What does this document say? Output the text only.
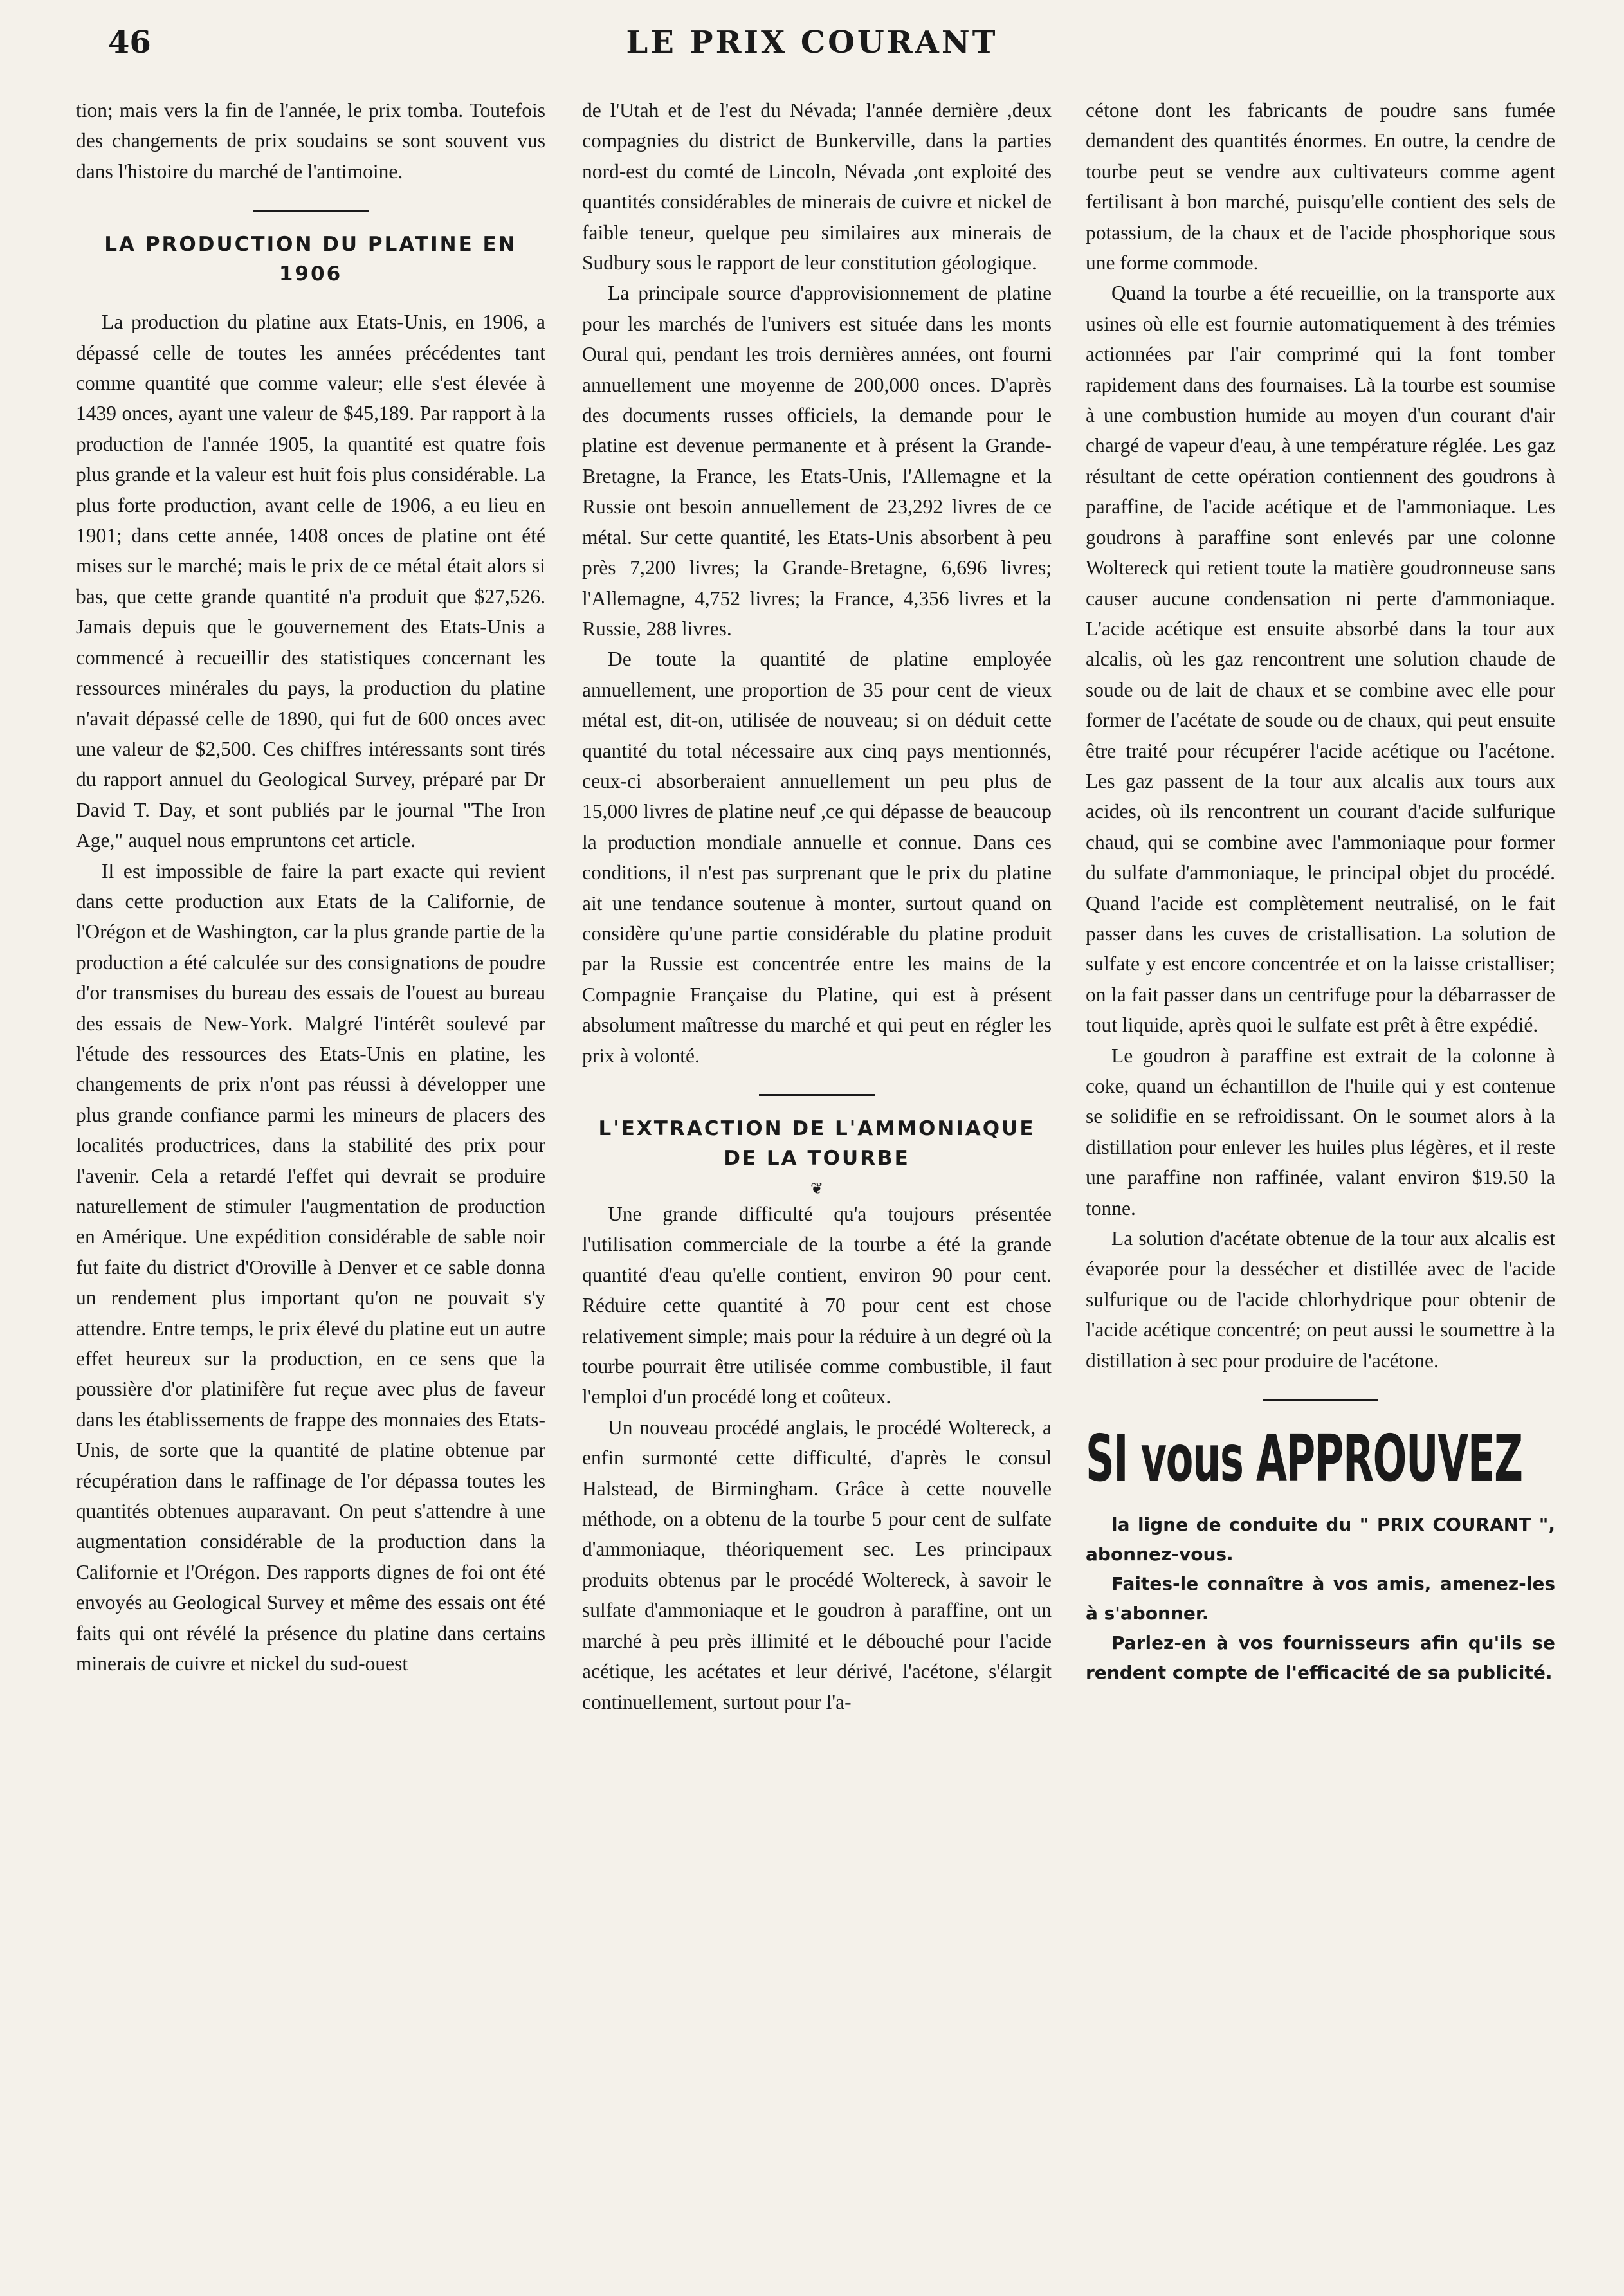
46	LE PRIX COURANT

tion; mais vers la fin de l'année, le prix tomba. Toutefois des changements de prix soudains se sont souvent vus dans l'histoire du marché de l'antimoine.

LA PRODUCTION DU PLATINE EN 1906

La production du platine aux Etats-Unis, en 1906, a dépassé celle de toutes les années précédentes tant comme quantité que comme valeur; elle s'est élevée à 1439 onces, ayant une valeur de $45,189. Par rapport à la production de l'année 1905, la quantité est quatre fois plus grande et la valeur est huit fois plus considérable. La plus forte production, avant celle de 1906, a eu lieu en 1901; dans cette année, 1408 onces de platine ont été mises sur le marché; mais le prix de ce métal était alors si bas, que cette grande quantité n'a produit que $27,526. Jamais depuis que le gouvernement des Etats-Unis a commencé à recueillir des statistiques concernant les ressources minérales du pays, la production du platine n'avait dépassé celle de 1890, qui fut de 600 onces avec une valeur de $2,500. Ces chiffres intéressants sont tirés du rapport annuel du Geological Survey, préparé par Dr David T. Day, et sont publiés par le journal "The Iron Age," auquel nous empruntons cet article.

Il est impossible de faire la part exacte qui revient dans cette production aux Etats de la Californie, de l'Orégon et de Washington, car la plus grande partie de la production a été calculée sur des consignations de poudre d'or transmises du bureau des essais de l'ouest au bureau des essais de New-York. Malgré l'intérêt soulevé par l'étude des ressources des Etats-Unis en platine, les changements de prix n'ont pas réussi à développer une plus grande confiance parmi les mineurs de placers des localités productrices, dans la stabilité des prix pour l'avenir. Cela a retardé l'effet qui devrait se produire naturellement de stimuler l'augmentation de production en Amérique. Une expédition considérable de sable noir fut faite du district d'Oroville à Denver et ce sable donna un rendement plus important qu'on ne pouvait s'y attendre. Entre temps, le prix élevé du platine eut un autre effet heureux sur la production, en ce sens que la poussière d'or platinifère fut reçue avec plus de faveur dans les établissements de frappe des monnaies des Etats-Unis, de sorte que la quantité de platine obtenue par récupération dans le raffinage de l'or dépassa toutes les quantités obtenues auparavant. On peut s'attendre à une augmentation considérable de la production dans la Californie et l'Orégon. Des rapports dignes de foi ont été envoyés au Geological Survey et même des essais ont été faits qui ont révélé la présence du platine dans certains minerais de cuivre et nickel du sud-ouest

de l'Utah et de l'est du Névada; l'année dernière ,deux compagnies du district de Bunkerville, dans la parties nord-est du comté de Lincoln, Névada ,ont exploité des quantités considérables de minerais de cuivre et nickel de faible teneur, quelque peu similaires aux minerais de Sudbury sous le rapport de leur constitution géologique.

La principale source d'approvisionnement de platine pour les marchés de l'univers est située dans les monts Oural qui, pendant les trois dernières années, ont fourni annuellement une moyenne de 200,000 onces. D'après des documents russes officiels, la demande pour le platine est devenue permanente et à présent la Grande-Bretagne, la France, les Etats-Unis, l'Allemagne et la Russie ont besoin annuellement de 23,292 livres de ce métal. Sur cette quantité, les Etats-Unis absorbent à peu près 7,200 livres; la Grande-Bretagne, 6,696 livres; l'Allemagne, 4,752 livres; la France, 4,356 livres et la Russie, 288 livres.

De toute la quantité de platine employée annuellement, une proportion de 35 pour cent de vieux métal est, dit-on, utilisée de nouveau; si on déduit cette quantité du total nécessaire aux cinq pays mentionnés, ceux-ci absorberaient annuellement un peu plus de 15,000 livres de platine neuf ,ce qui dépasse de beaucoup la production mondiale annuelle et connue. Dans ces conditions, il n'est pas surprenant que le prix du platine ait une tendance soutenue à monter, surtout quand on considère qu'une partie considérable du platine produit par la Russie est concentrée entre les mains de la Compagnie Française du Platine, qui est à présent absolument maîtresse du marché et qui peut en régler les prix à volonté.

L'EXTRACTION DE L'AMMONIAQUE DE LA TOURBE
❦

Une grande difficulté qu'a toujours présentée l'utilisation commerciale de la tourbe a été la grande quantité d'eau qu'elle contient, environ 90 pour cent. Réduire cette quantité à 70 pour cent est chose relativement simple; mais pour la réduire à un degré où la tourbe pourrait être utilisée comme combustible, il faut l'emploi d'un procédé long et coûteux.

Un nouveau procédé anglais, le procédé Woltereck, a enfin surmonté cette difficulté, d'après le consul Halstead, de Birmingham. Grâce à cette nouvelle méthode, on a obtenu de la tourbe 5 pour cent de sulfate d'ammoniaque, théoriquement sec. Les principaux produits obtenus par le procédé Woltereck, à savoir le sulfate d'ammoniaque et le goudron à paraffine, ont un marché à peu près illimité et le débouché pour l'acide acétique, les acétates et leur dérivé, l'acétone, s'élargit continuellement, surtout pour l'a-

cétone dont les fabricants de poudre sans fumée demandent des quantités énormes. En outre, la cendre de tourbe peut se vendre aux cultivateurs comme agent fertilisant à bon marché, puisqu'elle contient des sels de potassium, de la chaux et de l'acide phosphorique sous une forme commode.

Quand la tourbe a été recueillie, on la transporte aux usines où elle est fournie automatiquement à des trémies actionnées par l'air comprimé qui la font tomber rapidement dans des fournaises. Là la tourbe est soumise à une combustion humide au moyen d'un courant d'air chargé de vapeur d'eau, à une température réglée. Les gaz résultant de cette opération contiennent des goudrons à paraffine, de l'acide acétique et de l'ammoniaque. Les goudrons à paraffine sont enlevés par une colonne Woltereck qui retient toute la matière goudronneuse sans causer aucune condensation ni perte d'ammoniaque. L'acide acétique est ensuite absorbé dans la tour aux alcalis, où les gaz rencontrent une solution chaude de soude ou de lait de chaux et se combine avec elle pour former de l'acétate de soude ou de chaux, qui peut ensuite être traité pour récupérer l'acide acétique ou l'acétone. Les gaz passent de la tour aux alcalis aux tours aux acides, où ils rencontrent un courant d'acide sulfurique chaud, qui se combine avec l'ammoniaque pour former du sulfate d'ammoniaque, le principal objet du procédé. Quand l'acide est complètement neutralisé, on le fait passer dans les cuves de cristallisation. La solution de sulfate y est encore concentrée et on la laisse cristalliser; on la fait passer dans un centrifuge pour la débarrasser de tout liquide, après quoi le sulfate est prêt à être expédié.

Le goudron à paraffine est extrait de la colonne à coke, quand un échantillon de l'huile qui y est contenue se solidifie en se refroidissant. On le soumet alors à la distillation pour enlever les huiles plus légères, et il reste une paraffine non raffinée, valant environ $19.50 la tonne.

La solution d'acétate obtenue de la tour aux alcalis est évaporée pour la dessécher et distillée avec de l'acide sulfurique ou de l'acide chlorhydrique pour obtenir de l'acide acétique concentré; on peut aussi le soumettre à la distillation à sec pour produire de l'acétone.

SI vous APPROUVEZ

la ligne de conduite du " PRIX COURANT ", abonnez-vous.

Faites-le connaître à vos amis, amenez-les à s'abonner.

Parlez-en à vos fournisseurs afin qu'ils se rendent compte de l'efficacité de sa publicité.
